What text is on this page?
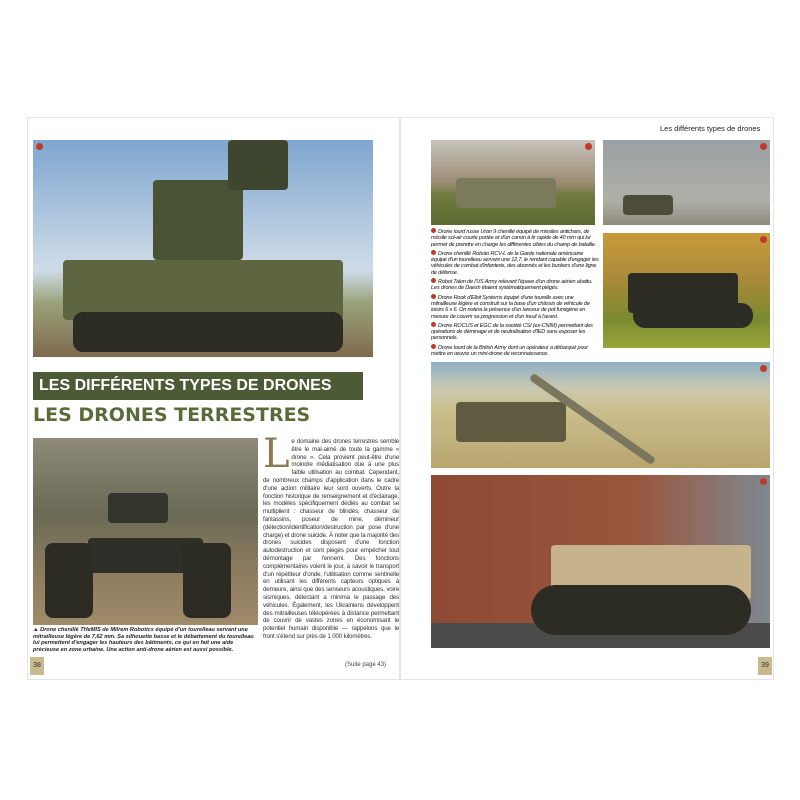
LES DIFFÉRENTS TYPES DE DRONES
LES DRONES TERRESTRES
▲ Drone chenillé THeMIS de Milrem Robotics équipé d'un tourelleau servant une mitrailleuse légère de 7,62 mm. Sa silhouette basse et le débattement du tourelleau lui permettent d'engager les hauteurs des bâtiments, ce qui en fait une aide précieuse en zone urbaine. Une action anti-drone aérien est aussi possible.
Le domaine des drones terrestres semble être le mal-aimé de toute la gamme « drone ». Cela provient peut-être d'une moindre médiatisation due à une plus faible utilisation au combat. Cependant, de nombreux champs d'application dans le cadre d'une action militaire leur sont ouverts. Outre la fonction historique de renseignement et d'éclairage, les modèles spécifiquement dédiés au combat se multiplient : chasseur de blindés, chasseur de fantassins, poseur de mine, démineur (détection/identification/destruction par pose d'une charge) et drone suicide. À noter que la majorité des drones suicides disposent d'une fonction autodestruction et sont piégés pour empêcher tout démontage par l'ennemi. Des fonctions complémentaires voient le jour, à savoir le transport d'un répétiteur d'onde, l'utilisation comme sentinelle en utilisant les différents capteurs optiques à demeure, ainsi que des senseurs acoustiques, voire sismiques, détectant a minima le passage des véhicules. Également, les Ukrainiens développent des mitrailleuses téléopérées à distance permettant de couvrir de vastes zones en économisant le potentiel humain disponible — rappelons que le front s'étend sur près de 1 000 kilomètres.
(Suite page 43)
38
Les différents types de drones
Drone lourd russe Uran 9 chenillé équipé de missiles antichars, de missile sol-air courte portée et d'un canon à tir rapide de 40 mm qui lui permet de prendre en charge les différentes cibles du champ de bataille.
Drone chenillé Roboto RCV-L de la Garde nationale américaine équipé d'un tourelleau servant une 12,7, le rendant capable d'engager les véhicules de combat d'infanterie, des abonnés et les bunkers d'une ligne de défense.
Robot Talon de l'US Army relevant l'épave d'un drone aérien abattu. Les drones de Daesh étaient systématiquement piégés.
Drone Rook d'Elbit Systems équipé d'une tourelle avec une mitrailleuse légère et construit sur la base d'un châssis de véhicule de loisirs 6 x 6. On notera la présence d'un lanceur de pot fumigène en mesure de couvrir sa progression et d'un treuil à l'avant.
Drone ROCUS et EGC de la société CSI (ex-CNIM) permettant des opérations de déminage et de neutralisation d'IED sans exposer les personnels.
Drone lourd de la British Army dont un opérateur a débarqué pour mettre en œuvre un mini-drone de reconnaissance.
39
